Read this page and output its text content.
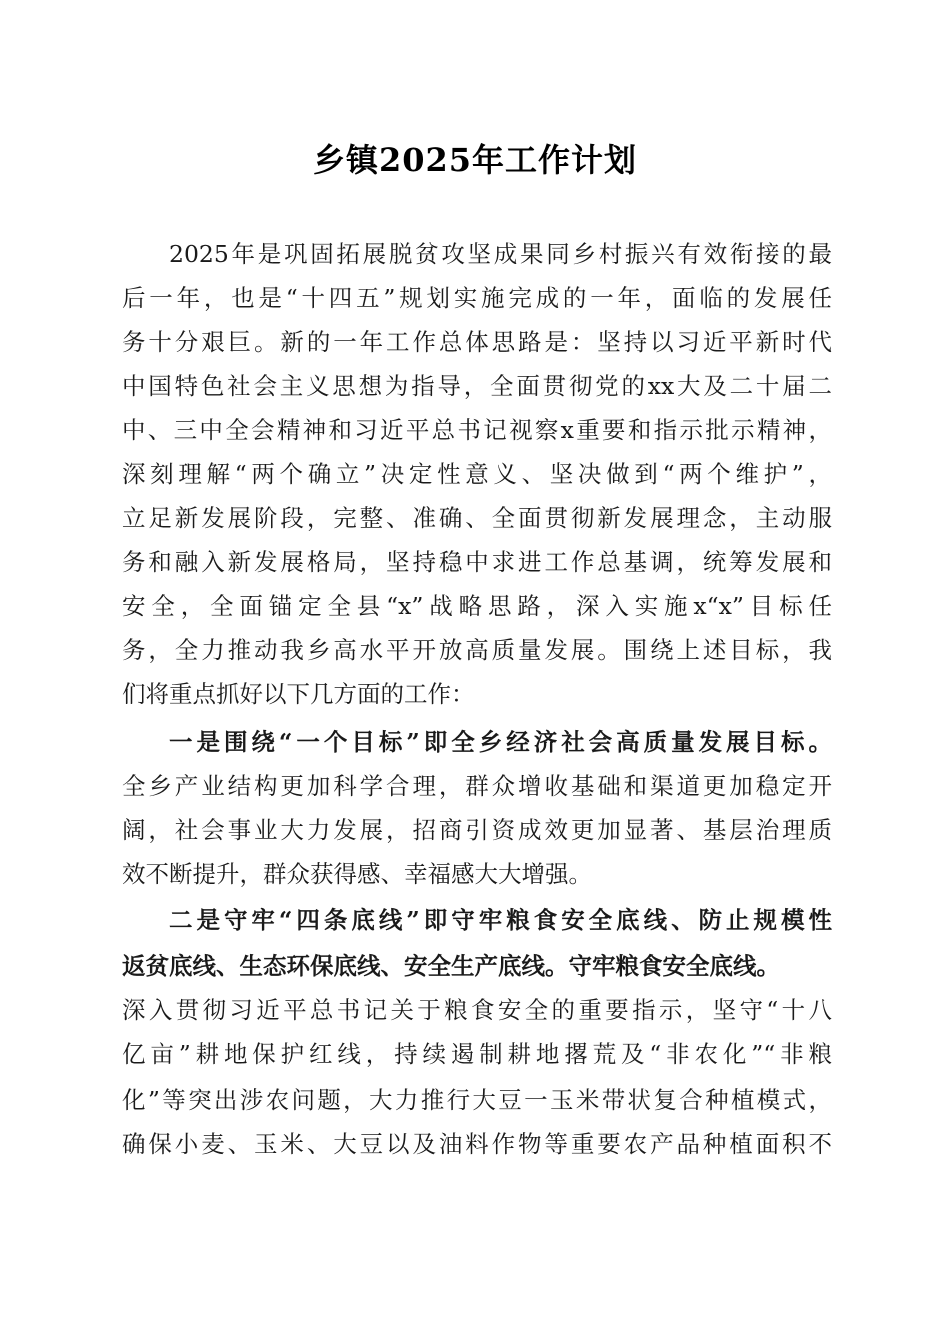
乡镇2025年工作计划
2025年是巩固拓展脱贫攻坚成果同乡村振兴有效衔接的最
后一年，也是“十四五”规划实施完成的一年，面临的发展任
务十分艰巨。新的一年工作总体思路是：坚持以习近平新时代
中国特色社会主义思想为指导，全面贯彻党的xx大及二十届二
中、三中全会精神和习近平总书记视察x重要和指示批示精神，
深刻理解“两个确立”决定性意义、坚决做到“两个维护”，
立足新发展阶段，完整、准确、全面贯彻新发展理念，主动服
务和融入新发展格局，坚持稳中求进工作总基调，统筹发展和
安全，全面锚定全县“x”战略思路，深入实施x“x”目标任
务，全力推动我乡高水平开放高质量发展。围绕上述目标，我
们将重点抓好以下几方面的工作：
一是围绕“一个目标”即全乡经济社会高质量发展目标。
全乡产业结构更加科学合理，群众增收基础和渠道更加稳定开
阔，社会事业大力发展，招商引资成效更加显著、基层治理质
效不断提升，群众获得感、幸福感大大增强。
二是守牢“四条底线”即守牢粮食安全底线、防止规模性
返贫底线、生态环保底线、安全生产底线。守牢粮食安全底线。
深入贯彻习近平总书记关于粮食安全的重要指示，坚守“十八
亿亩”耕地保护红线，持续遏制耕地撂荒及“非农化”“非粮
化”等突出涉农问题，大力推行大豆一玉米带状复合种植模式，
确保小麦、玉米、大豆以及油料作物等重要农产品种植面积不
